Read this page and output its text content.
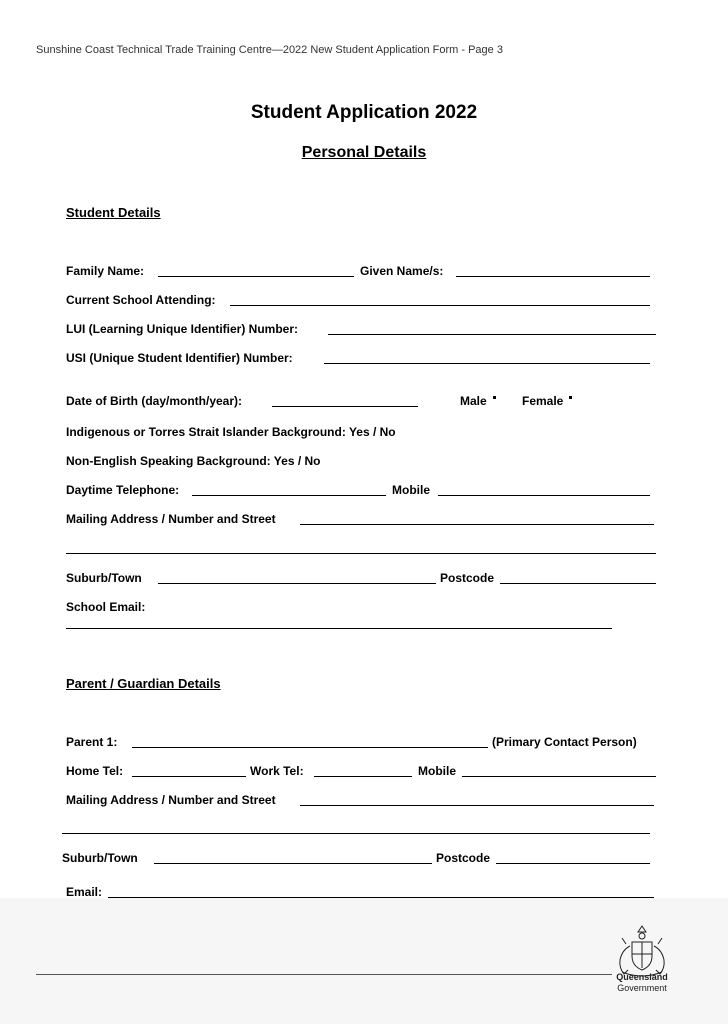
Sunshine Coast Technical Trade Training Centre—2022 New Student Application Form - Page 3
Student Application 2022
Personal Details
Student Details
Family Name:	Given Name/s:
Current School Attending:
LUI (Learning Unique Identifier) Number:
USI (Unique Student Identifier) Number:
Date of Birth (day/month/year):	Male	Female
Indigenous or Torres Strait Islander Background: Yes / No
Non-English Speaking Background: Yes / No
Daytime Telephone:	Mobile
Mailing Address / Number and Street
Suburb/Town	Postcode
School Email:
Parent / Guardian Details
Parent 1:	(Primary Contact Person)
Home Tel:	Work Tel:	Mobile
Mailing Address / Number and Street
Suburb/Town	Postcode
Email:
Queensland
Government
